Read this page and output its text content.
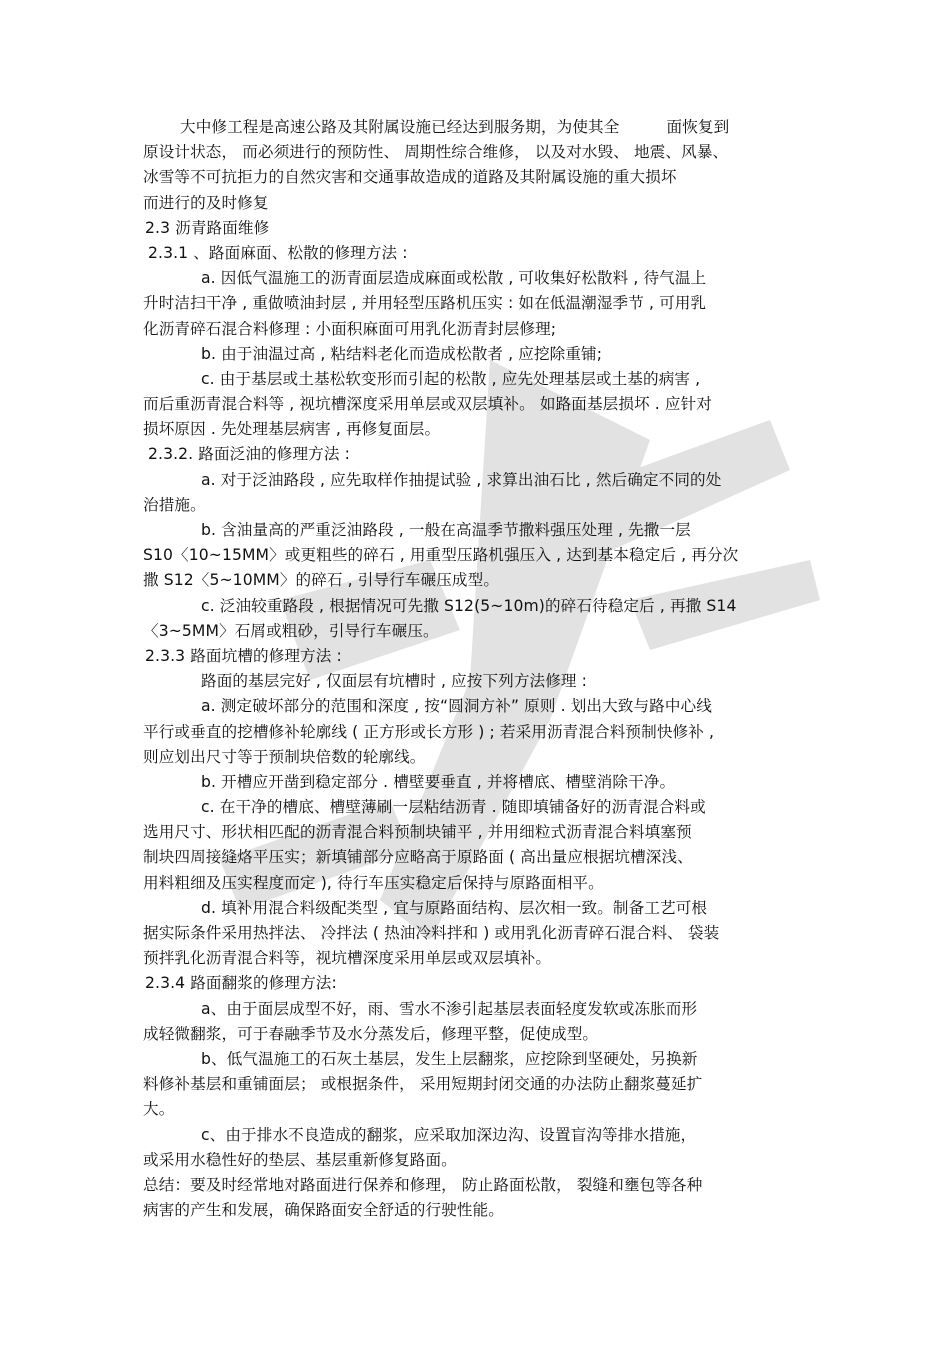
大中修工程是高速公路及其附属设施已经达到服务期，为使其全　　　面恢复到
原设计状态， 而必须进行的预防性、 周期性综合维修， 以及对水毁、 地震、风暴、
冰雪等不可抗拒力的自然灾害和交通事故造成的道路及其附属设施的重大损坏
而进行的及时修复
2.3 沥青路面维修
2.3.1 、路面麻面、松散的修理方法 :
a. 因低气温施工的沥青面层造成麻面或松散 , 可收集好松散料 , 待气温上
升时洁扫干净 , 重做喷油封层 , 并用轻型压路机压实 : 如在低温潮湿季节 , 可用乳
化沥青碎石混合料修理 : 小面积麻面可用乳化沥青封层修理;
b. 由于油温过高 , 粘结料老化而造成松散者 , 应挖除重铺;
c. 由于基层或土基松软变形而引起的松散 , 应先处理基层或土基的病害 ,
而后重沥青混合料等 , 视坑槽深度采用单层或双层填补。 如路面基层损坏 . 应针对
损坏原因 . 先处理基层病害 , 再修复面层。
2.3.2. 路面泛油的修理方法 :
a. 对于泛油路段 , 应先取样作抽提试验 , 求算出油石比 , 然后确定不同的处
治措施。
b. 含油量高的严重泛油路段 , 一般在高温季节撒料强压处理 , 先撒一层
S10〈10~15MM〉或更粗些的碎石 , 用重型压路机强压入 , 达到基本稳定后 , 再分次
撒 S12〈5~10MM〉的碎石 , 引导行车碾压成型。
c. 泛油较重路段 , 根据情况可先撒 S12(5~10m)的碎石待稳定后 , 再撒 S14
〈3~5MM〉石屑或粗砂，引导行车碾压。
2.3.3 路面坑槽的修理方法 :
路面的基层完好 , 仅面层有坑槽时 , 应按下列方法修理 :
a. 测定破坏部分的范围和深度 , 按“圆洞方补” 原则 . 划出大致与路中心线
平行或垂直的挖槽修补轮廓线 ( 正方形或长方形 ) ; 若采用沥青混合料预制快修补 ,
则应划出尺寸等于预制块倍数的轮廓线。
b. 开槽应开凿到稳定部分 . 槽壁要垂直 , 并将槽底、槽壁消除干净。
c. 在干净的槽底、槽壁薄刷一层粘结沥青 . 随即填铺备好的沥青混合料或
选用尺寸、形状相匹配的沥青混合料预制块铺平 , 并用细粒式沥青混合料填塞预
制块四周接缝烙平压实；新填铺部分应略高于原路面 ( 高出量应根据坑槽深浅、
用料粗细及压实程度而定 ), 待行车压实稳定后保持与原路面相平。
d. 填补用混合料级配类型 , 宜与原路面结构、层次相一致。制备工艺可根
据实际条件采用热拌法、 冷拌法 ( 热油冷料拌和 ) 或用乳化沥青碎石混合料、 袋装
预拌乳化沥青混合料等，视坑槽深度采用单层或双层填补。
2.3.4 路面翻浆的修理方法:
a、由于面层成型不好，雨、雪水不渗引起基层表面轻度发软或冻胀而形
成轻微翻浆，可于春融季节及水分蒸发后，修理平整，促使成型。
b、低气温施工的石灰土基层，发生上层翻浆，应挖除到坚硬处，另换新
料修补基层和重铺面层； 或根据条件， 采用短期封闭交通的办法防止翻浆蔓延扩
大。
c、由于排水不良造成的翻浆，应采取加深边沟、设置盲沟等排水措施，
或采用水稳性好的垫层、基层重新修复路面。
总结：要及时经常地对路面进行保养和修理， 防止路面松散， 裂缝和壅包等各种
病害的产生和发展，确保路面安全舒适的行驶性能。
